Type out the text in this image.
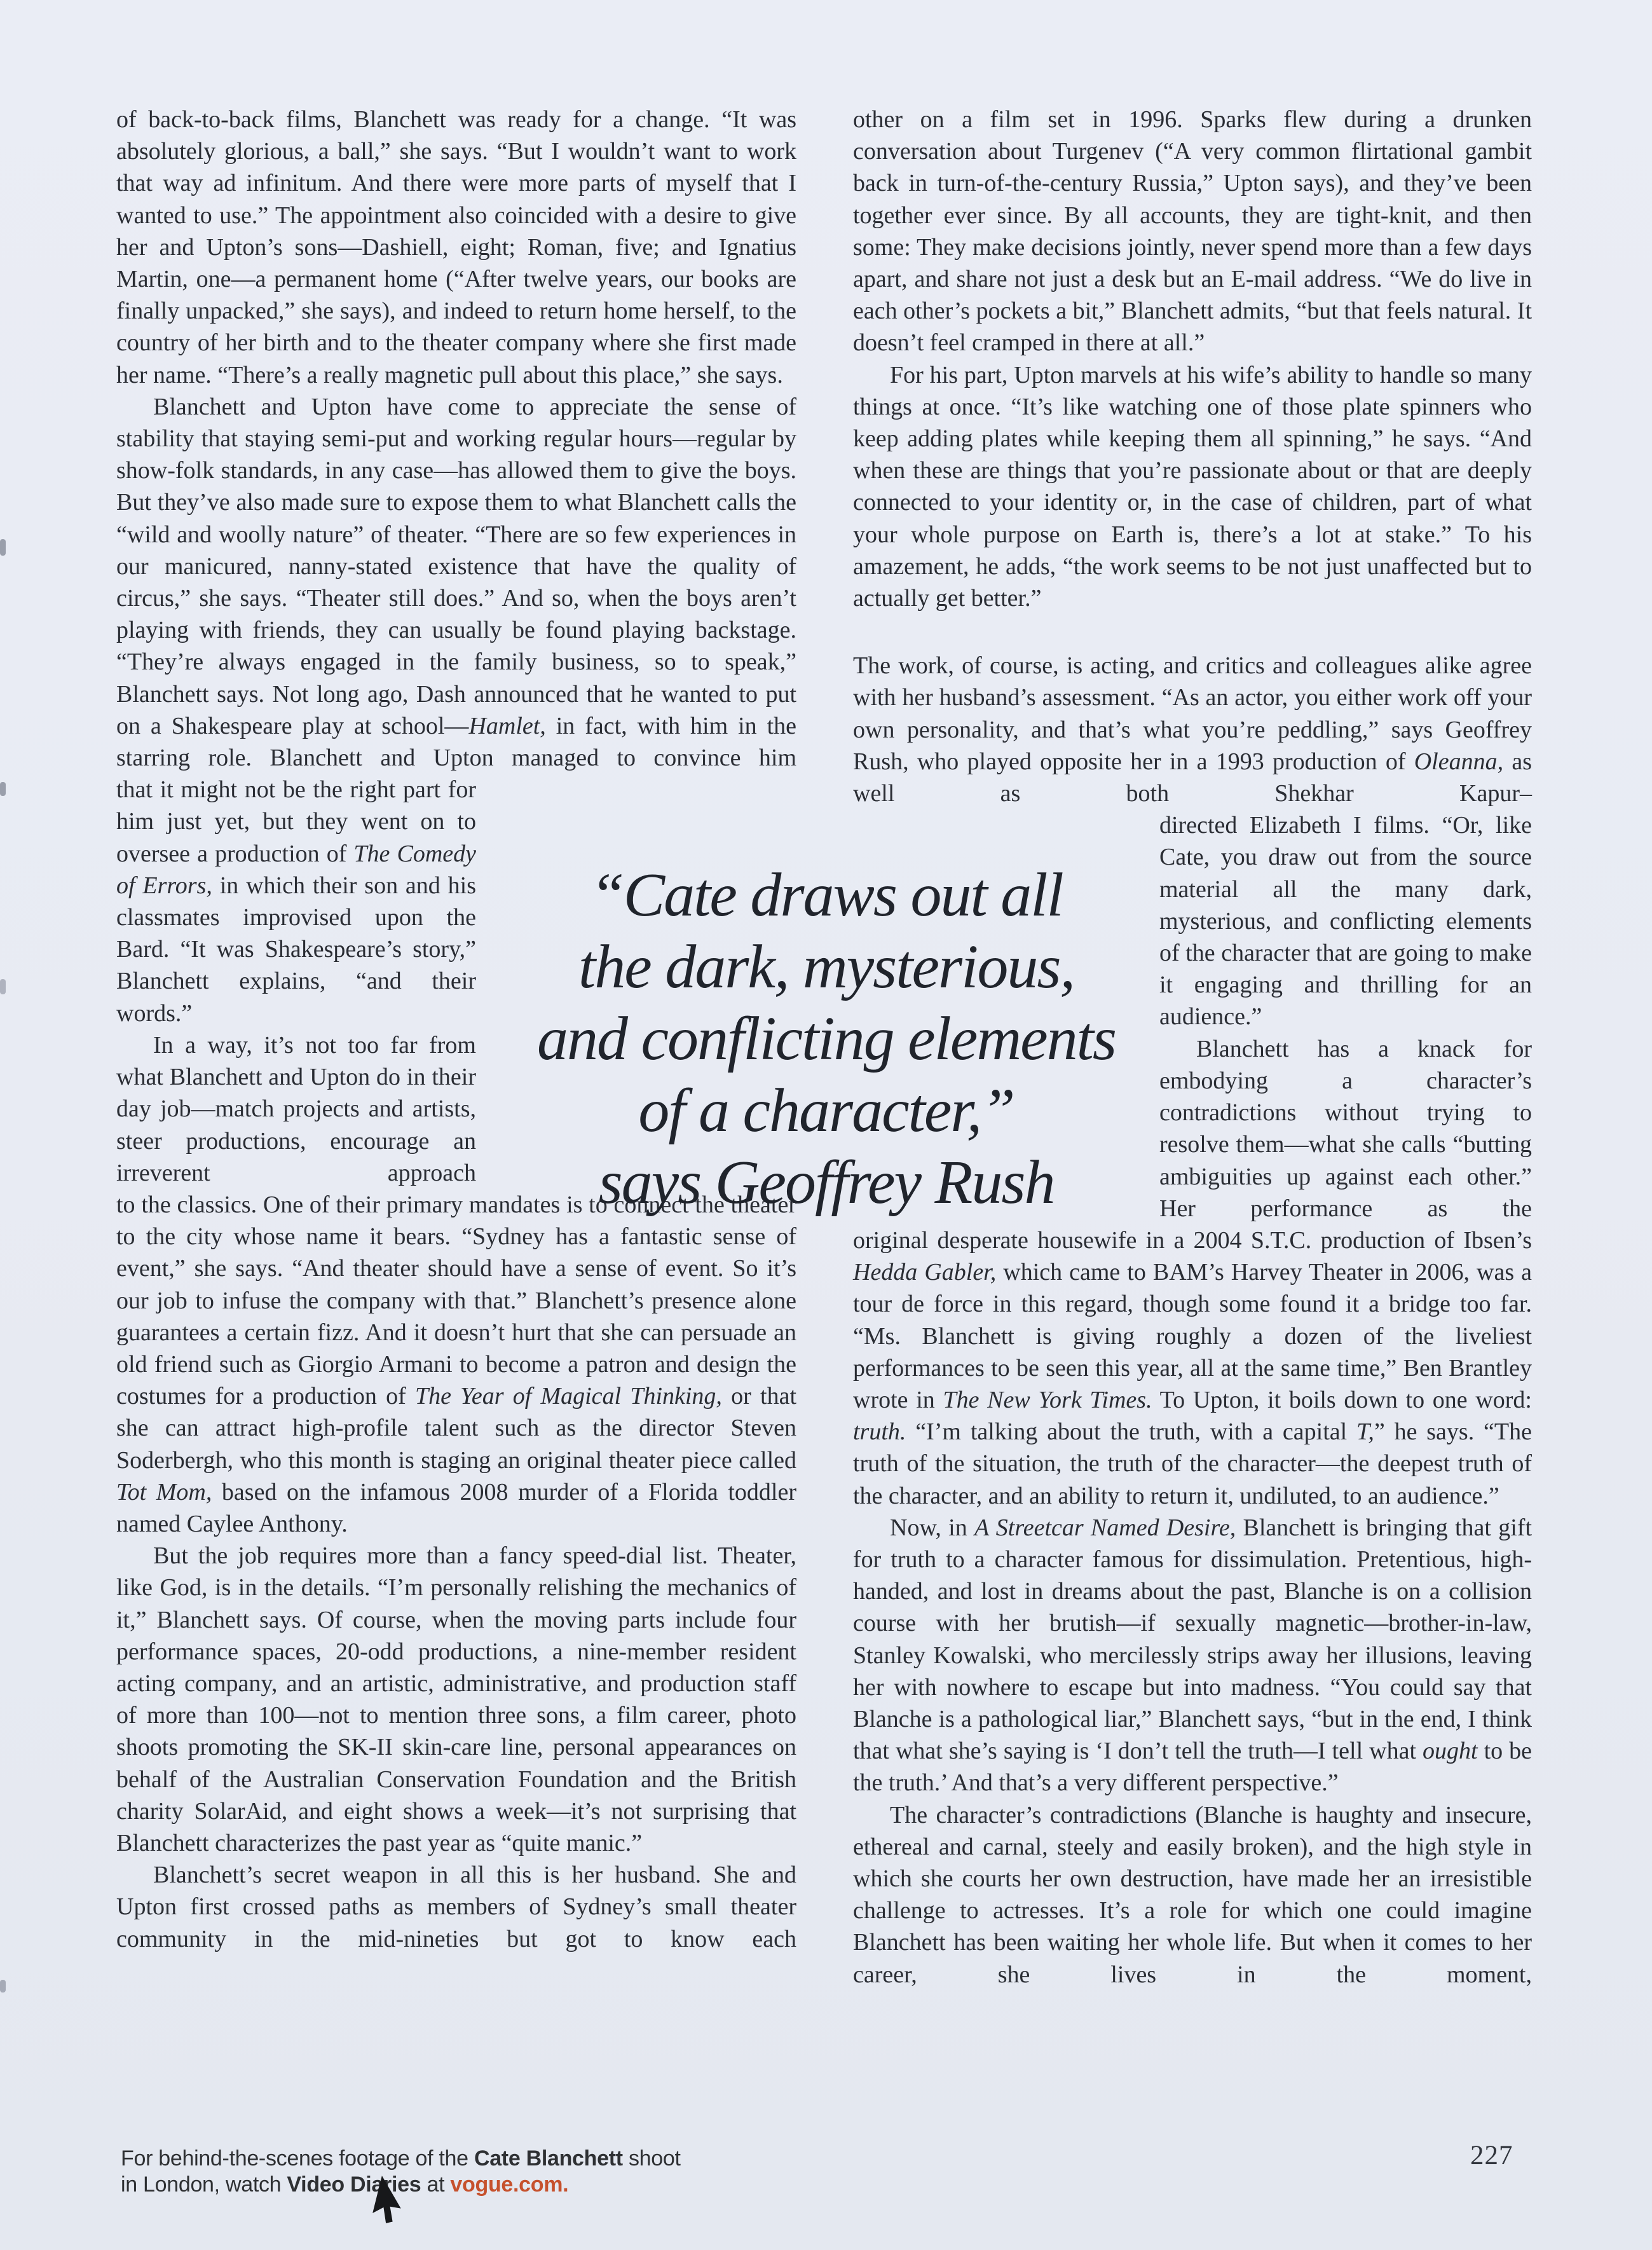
of back-to-back films, Blanchett was ready for a change. “It was absolutely glorious, a ball,” she says. “But I wouldn’t want to work that way ad infinitum. And there were more parts of myself that I wanted to use.” The appointment also coincided with a desire to give her and Upton’s sons—Dashiell, eight; Roman, five; and Ignatius Martin, one—a permanent home (“After twelve years, our books are finally unpacked,” she says), and indeed to return home herself, to the country of her birth and to the theater company where she first made her name. “There’s a really magnetic pull about this place,” she says.

Blanchett and Upton have come to appreciate the sense of stability that staying semi-put and working regular hours—regular by show-folk standards, in any case—has allowed them to give the boys. But they’ve also made sure to expose them to what Blanchett calls the “wild and woolly nature” of theater. “There are so few experiences in our manicured, nanny-stated existence that have the quality of circus,” she says. “Theater still does.” And so, when the boys aren’t playing with friends, they can usually be found playing backstage. “They’re always engaged in the family business, so to speak,” Blanchett says. Not long ago, Dash announced that he wanted to put on a Shakespeare play at school—Hamlet, in fact, with him in the starring role. Blanchett and Upton managed to convince him

that it might not be the right part for him just yet, but they went on to oversee a production of The Comedy of Errors, in which their son and his classmates improvised upon the Bard. “It was Shakespeare’s story,” Blanchett explains, “and their words.”

In a way, it’s not too far from what Blanchett and Upton do in their day job—match projects and artists, steer productions, encourage an irreverent approach

to the classics. One of their primary mandates is to connect the theater to the city whose name it bears. “Sydney has a fantastic sense of event,” she says. “And theater should have a sense of event. So it’s our job to infuse the company with that.” Blanchett’s presence alone guarantees a certain fizz. And it doesn’t hurt that she can persuade an old friend such as Giorgio Armani to become a patron and design the costumes for a production of The Year of Magical Thinking, or that she can attract high-profile talent such as the director Steven Soderbergh, who this month is staging an original theater piece called Tot Mom, based on the infamous 2008 murder of a Florida toddler named Caylee Anthony.

But the job requires more than a fancy speed-dial list. Theater, like God, is in the details. “I’m personally relishing the mechanics of it,” Blanchett says. Of course, when the moving parts include four performance spaces, 20-odd productions, a nine-member resident acting company, and an artistic, administrative, and production staff of more than 100—not to mention three sons, a film career, photo shoots promoting the SK-II skin-care line, personal appearances on behalf of the Australian Conservation Foundation and the British charity SolarAid, and eight shows a week—it’s not surprising that Blanchett characterizes the past year as “quite manic.”

Blanchett’s secret weapon in all this is her husband. She and Upton first crossed paths as members of Sydney’s small theater community in the mid-nineties but got to know each

other on a film set in 1996. Sparks flew during a drunken conversation about Turgenev (“A very common flirtational gambit back in turn-of-the-century Russia,” Upton says), and they’ve been together ever since. By all accounts, they are tight-knit, and then some: They make decisions jointly, never spend more than a few days apart, and share not just a desk but an E-mail address. “We do live in each other’s pockets a bit,” Blanchett admits, “but that feels natural. It doesn’t feel cramped in there at all.”

For his part, Upton marvels at his wife’s ability to handle so many things at once. “It’s like watching one of those plate spinners who keep adding plates while keeping them all spinning,” he says. “And when these are things that you’re passionate about or that are deeply connected to your identity or, in the case of children, part of what your whole purpose on Earth is, there’s a lot at stake.” To his amazement, he adds, “the work seems to be not just unaffected but to actually get better.”

The work, of course, is acting, and critics and colleagues alike agree with her husband’s assessment. “As an actor, you either work off your own personality, and that’s what you’re peddling,” says Geoffrey Rush, who played opposite her in a 1993 production of Oleanna, as well as both Shekhar Kapur–

directed Elizabeth I films. “Or, like Cate, you draw out from the source material all the many dark, mysterious, and conflicting elements of the character that are going to make it engaging and thrilling for an audience.”

Blanchett has a knack for embodying a character’s contradictions without trying to resolve them—what she calls “butting ambiguities up against each other.” Her performance as the

original desperate housewife in a 2004 S.T.C. production of Ibsen’s Hedda Gabler, which came to BAM’s Harvey Theater in 2006, was a tour de force in this regard, though some found it a bridge too far. “Ms. Blanchett is giving roughly a dozen of the liveliest performances to be seen this year, all at the same time,” Ben Brantley wrote in The New York Times. To Upton, it boils down to one word: truth. “I’m talking about the truth, with a capital T,” he says. “The truth of the situation, the truth of the character—the deepest truth of the character, and an ability to return it, undiluted, to an audience.”

Now, in A Streetcar Named Desire, Blanchett is bringing that gift for truth to a character famous for dissimulation. Pretentious, high-handed, and lost in dreams about the past, Blanche is on a collision course with her brutish—if sexually magnetic—brother-in-law, Stanley Kowalski, who mercilessly strips away her illusions, leaving her with nowhere to escape but into madness. “You could say that Blanche is a pathological liar,” Blanchett says, “but in the end, I think that what she’s saying is ‘I don’t tell the truth—I tell what ought to be the truth.’ And that’s a very different perspective.”

The character’s contradictions (Blanche is haughty and insecure, ethereal and carnal, steely and easily broken), and the high style in which she courts her own destruction, have made her an irresistible challenge to actresses. It’s a role for which one could imagine Blanchett has been waiting her whole life. But when it comes to her career, she lives in the moment,

“Cate draws out all
the dark, mysterious,
and conflicting elements
of a character,”
says Geoffrey Rush
For behind-the-scenes footage of the Cate Blanchett shoot
in London, watch Video Diaries at vogue.com.
227
